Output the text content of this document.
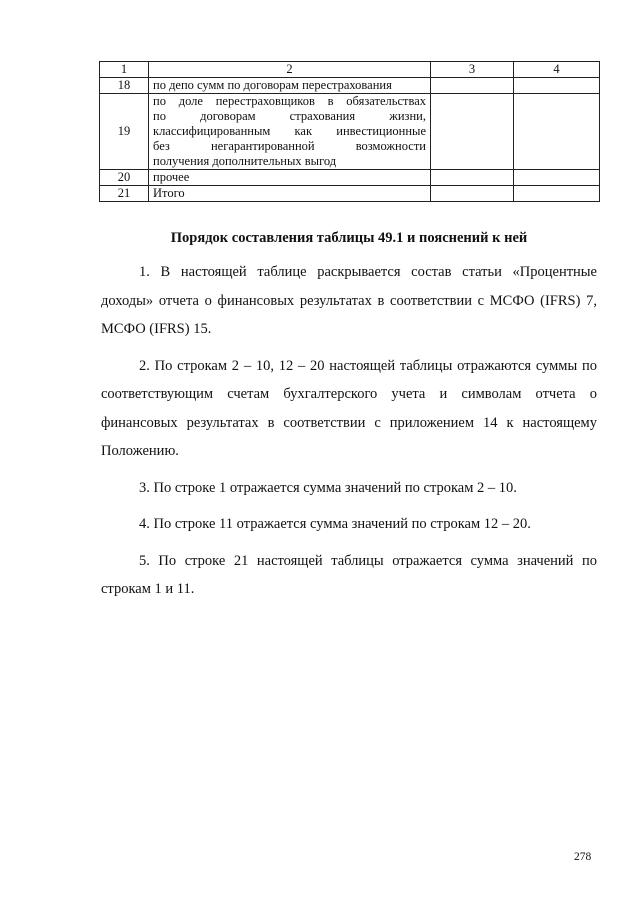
1	2	3	4
18	по депо сумм по договорам перестрахования		

19	по доле перестраховщиков в обязательствах
по договорам страхования жизни,
классифицированным как инвестиционные
без негарантированной возможности
получения дополнительных выгод		

20	прочее		

21	Итого		

Порядок составления таблицы 49.1 и пояснений к ней

1. В настоящей таблице раскрывается состав статьи «Процентные доходы» отчета о финансовых результатах в соответствии с МСФО (IFRS) 7, МСФО (IFRS) 15.

2. По строкам 2 – 10, 12 – 20 настоящей таблицы отражаются суммы по соответствующим счетам бухгалтерского учета и символам отчета о финансовых результатах в соответствии с приложением 14 к настоящему Положению.

3. По строке 1 отражается сумма значений по строкам 2 – 10.

4. По строке 11 отражается сумма значений по строкам 12 – 20.

5. По строке 21 настоящей таблицы отражается сумма значений по строкам 1 и 11.

278
